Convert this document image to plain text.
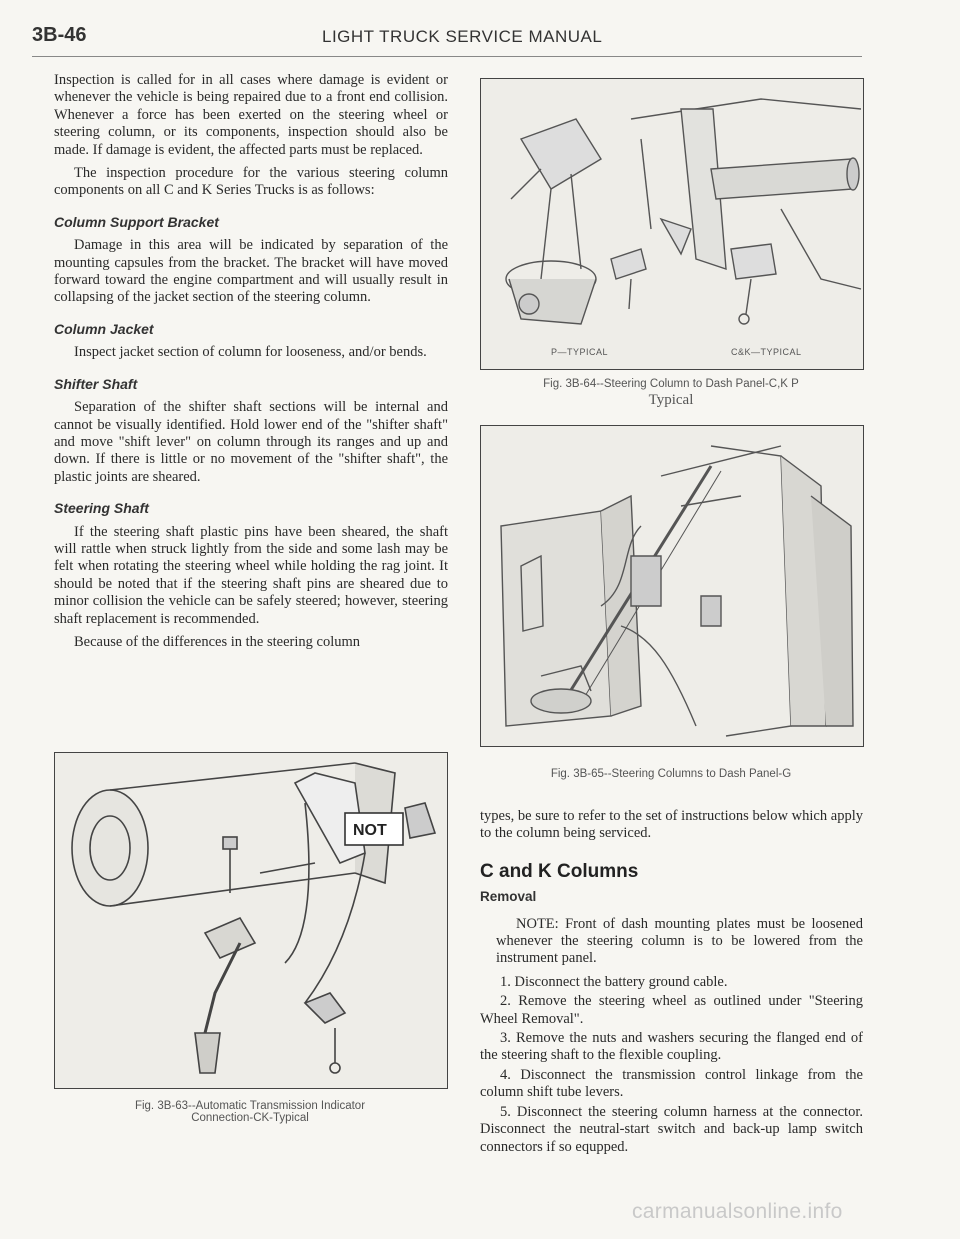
3B-46	LIGHT TRUCK SERVICE MANUAL

Inspection is called for in all cases where damage is evident or whenever the vehicle is being repaired due to a front end collision. Whenever a force has been exerted on the steering wheel or steering column, or its components, inspection should also be made. If damage is evident, the affected parts must be replaced.

The inspection procedure for the various steering column components on all C and K Series Trucks is as follows:

Column Support Bracket

Damage in this area will be indicated by separation of the mounting capsules from the bracket. The bracket will have moved forward toward the engine compartment and will usually result in collapsing of the jacket section of the steering column.

Column Jacket

Inspect jacket section of column for looseness, and/or bends.

Shifter Shaft

Separation of the shifter shaft sections will be internal and cannot be visually identified. Hold lower end of the "shifter shaft" and move "shift lever" on column through its ranges and up and down. If there is little or no movement of the "shifter shaft", the plastic joints are sheared.

Steering Shaft

If the steering shaft plastic pins have been sheared, the shaft will rattle when struck lightly from the side and some lash may be felt when rotating the steering wheel while holding the rag joint. It should be noted that if the steering shaft pins are sheared due to minor collision the vehicle can be safely steered; however, steering shaft replacement is recommended.

Because of the differences in the steering column

P—TYPICAL	C&K—TYPICAL
Fig. 3B-64--Steering Column to Dash Panel-C,K P
Typical
Fig. 3B-65--Steering Columns to Dash Panel-G
NOT
Fig. 3B-63--Automatic Transmission Indicator
Connection-CK-Typical

types, be sure to refer to the set of instructions below which apply to the column being serviced.

C and K Columns
Removal

NOTE: Front of dash mounting plates must be loosened whenever the steering column is to be lowered from the instrument panel.

1. Disconnect the battery ground cable.

2. Remove the steering wheel as outlined under "Steering Wheel Removal".

3. Remove the nuts and washers securing the flanged end of the steering shaft to the flexible coupling.

4. Disconnect the transmission control linkage from the column shift tube levers.

5. Disconnect the steering column harness at the connector. Disconnect the neutral-start switch and back-up lamp switch connectors if so equpped.

carmanualsonline.info
